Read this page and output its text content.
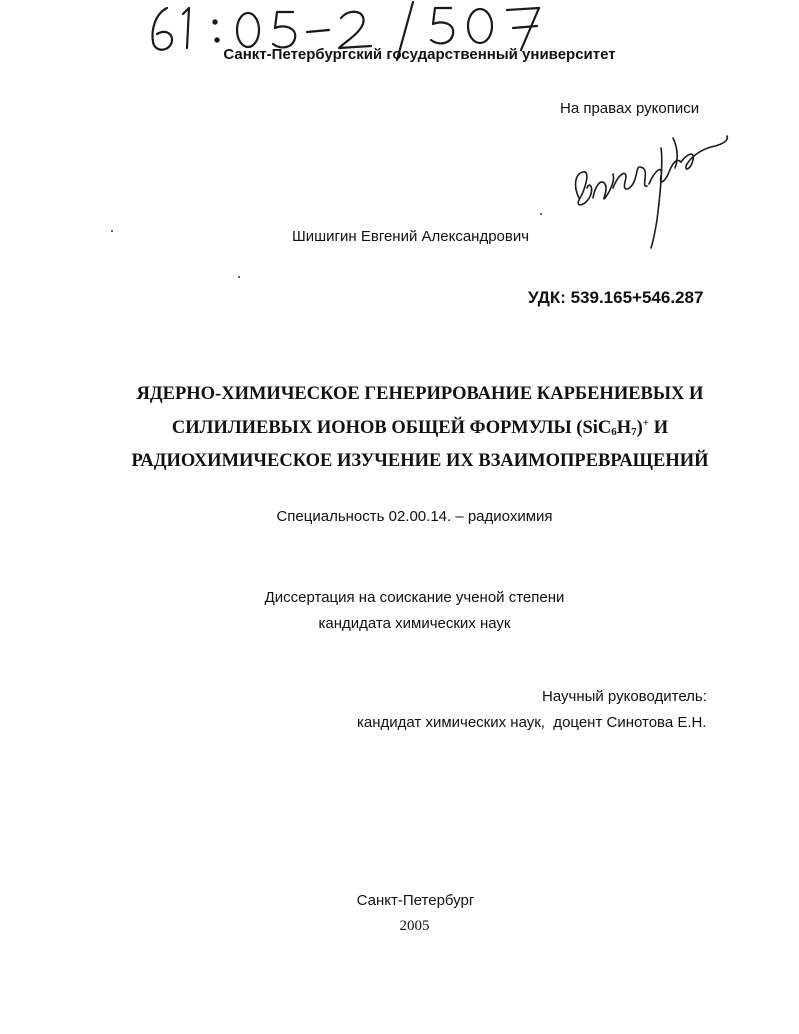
Санкт-Петербургский государственный университет
На правах рукописи
Шишигин Евгений Александрович
УДК: 539.165+546.287
ЯДЕРНО-ХИМИЧЕСКОЕ ГЕНЕРИРОВАНИЕ КАРБЕНИЕВЫХ И
СИЛИЛИЕВЫХ ИОНОВ ОБЩЕЙ ФОРМУЛЫ $(SiC_6H_7)^+$ И
РАДИОХИМИЧЕСКОЕ ИЗУЧЕНИЕ ИХ ВЗАИМОПРЕВРАЩЕНИЙ
Специальность 02.00.14. – радиохимия
Диссертация на соискание ученой степени
кандидата химических наук
Научный руководитель:
кандидат химических наук,  доцент Синотова Е.Н.
Санкт-Петербург
2005
